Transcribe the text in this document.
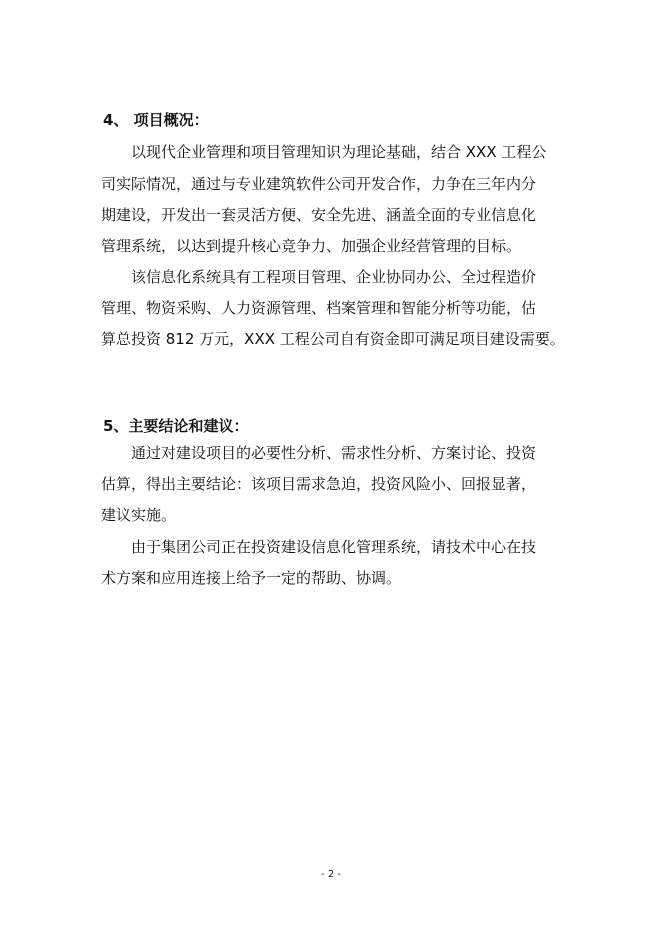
4、 项目概况：
以现代企业管理和项目管理知识为理论基础，结合 XXX 工程公
司实际情况，通过与专业建筑软件公司开发合作，力争在三年内分
期建设，开发出一套灵活方便、安全先进、涵盖全面的专业信息化
管理系统，以达到提升核心竞争力、加强企业经营管理的目标。
该信息化系统具有工程项目管理、企业协同办公、全过程造价
管理、物资采购、人力资源管理、档案管理和智能分析等功能，估
算总投资 812 万元，XXX 工程公司自有资金即可满足项目建设需要。
5、主要结论和建议：
通过对建设项目的必要性分析、需求性分析、方案讨论、投资
估算，得出主要结论：该项目需求急迫，投资风险小、回报显著，
建议实施。
由于集团公司正在投资建设信息化管理系统，请技术中心在技
术方案和应用连接上给予一定的帮助、协调。
- 2 -
